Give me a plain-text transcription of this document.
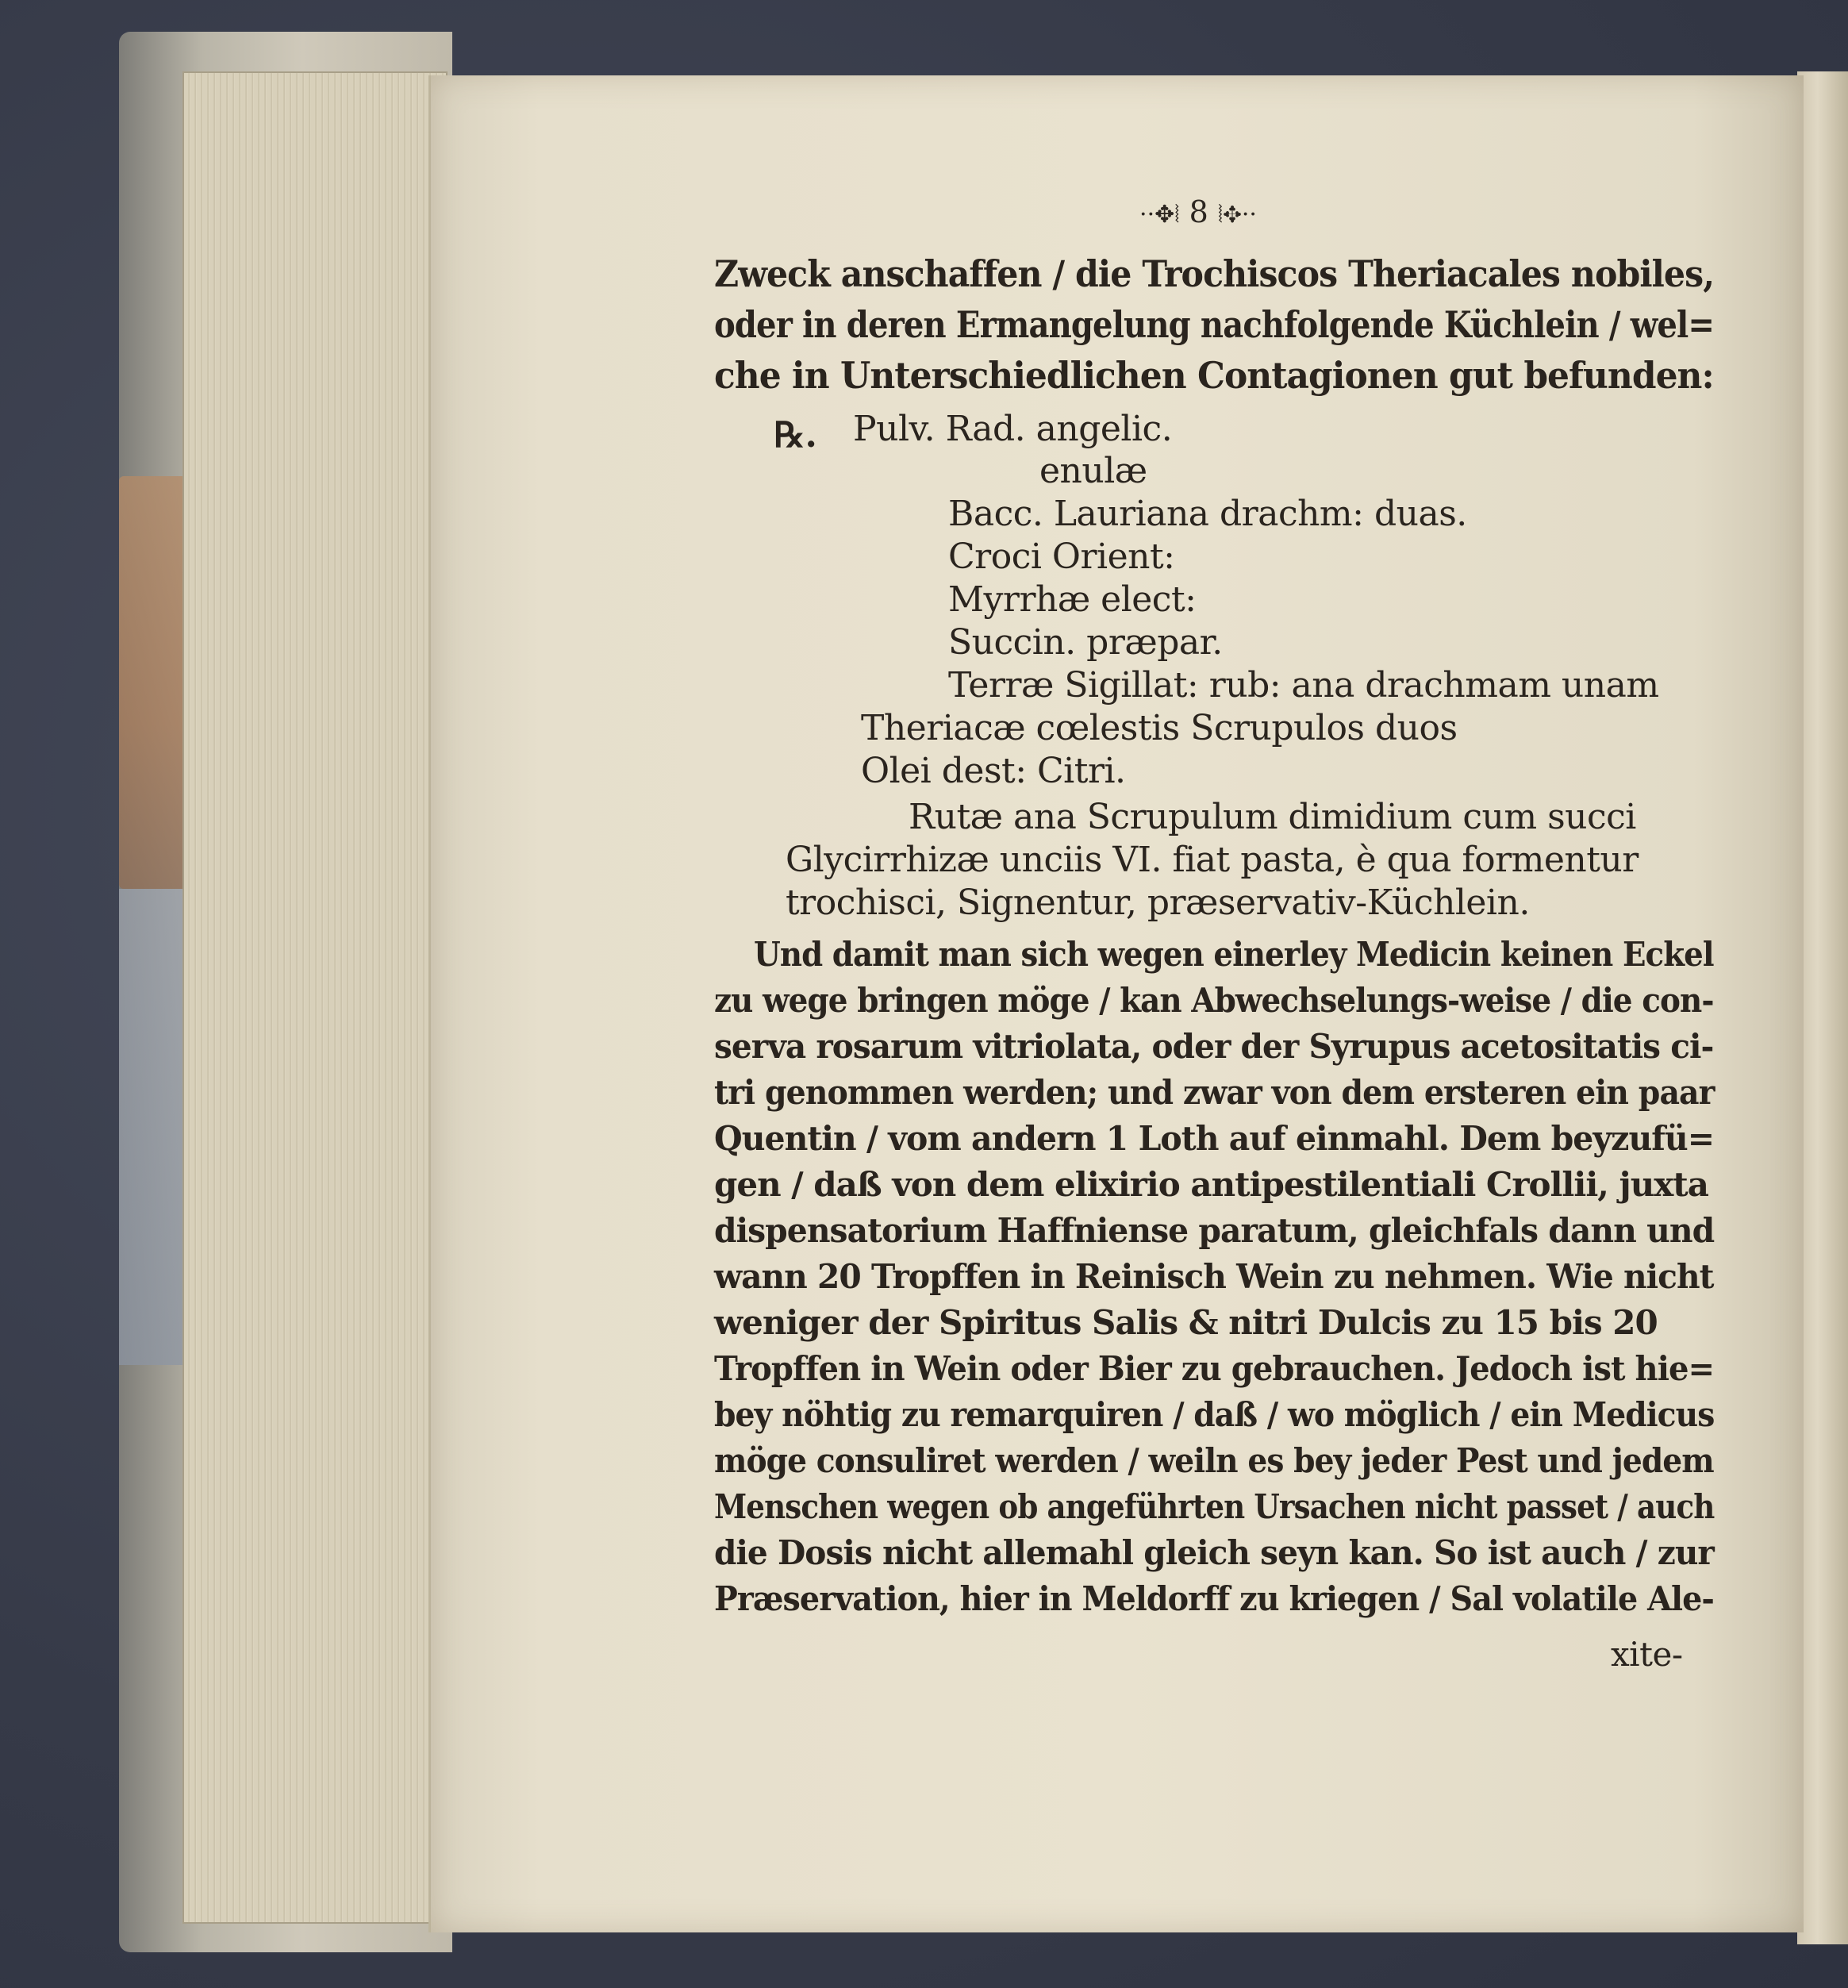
··✥⦚ 8 ⦚✥··
Zweck anschaffen / die Trochiscos Theriacales nobiles,
oder in deren Ermangelung nachfolgende Küchlein / wel=
che in Unterschiedlichen Contagionen gut befunden:
℞. Pulv. Rad. angelic.
enulæ
Bacc. Lauriana drachm: duas.
Croci Orient:
Myrrhæ elect:
Succin. præpar.
Terræ Sigillat: rub: ana drachmam unam
Theriacæ cœlestis Scrupulos duos
Olei dest: Citri.
Rutæ ana Scrupulum dimidium cum succi
Glycirrhizæ unciis VI. fiat pasta, è qua formentur
trochisci, Signentur, præservativ-Küchlein.
Und damit man sich wegen einerley Medicin keinen Eckel
zu wege bringen möge / kan Abwechselungs-weise / die con-
serva rosarum vitriolata, oder der Syrupus acetositatis ci-
tri genommen werden; und zwar von dem ersteren ein paar
Quentin / vom andern 1 Loth auf einmahl. Dem beyzufü=
gen / daß von dem elixirio antipestilentiali Crollii, juxta
dispensatorium Haffniense paratum, gleichfals dann und
wann 20 Tropffen in Reinisch Wein zu nehmen. Wie nicht
weniger der Spiritus Salis & nitri Dulcis zu 15 bis 20
Tropffen in Wein oder Bier zu gebrauchen. Jedoch ist hie=
bey nöhtig zu remarquiren / daß / wo möglich / ein Medicus
möge consuliret werden / weiln es bey jeder Pest und jedem
Menschen wegen ob angeführten Ursachen nicht passet / auch
die Dosis nicht allemahl gleich seyn kan. So ist auch / zur
Præservation, hier in Meldorff zu kriegen / Sal volatile Ale-
xite-
